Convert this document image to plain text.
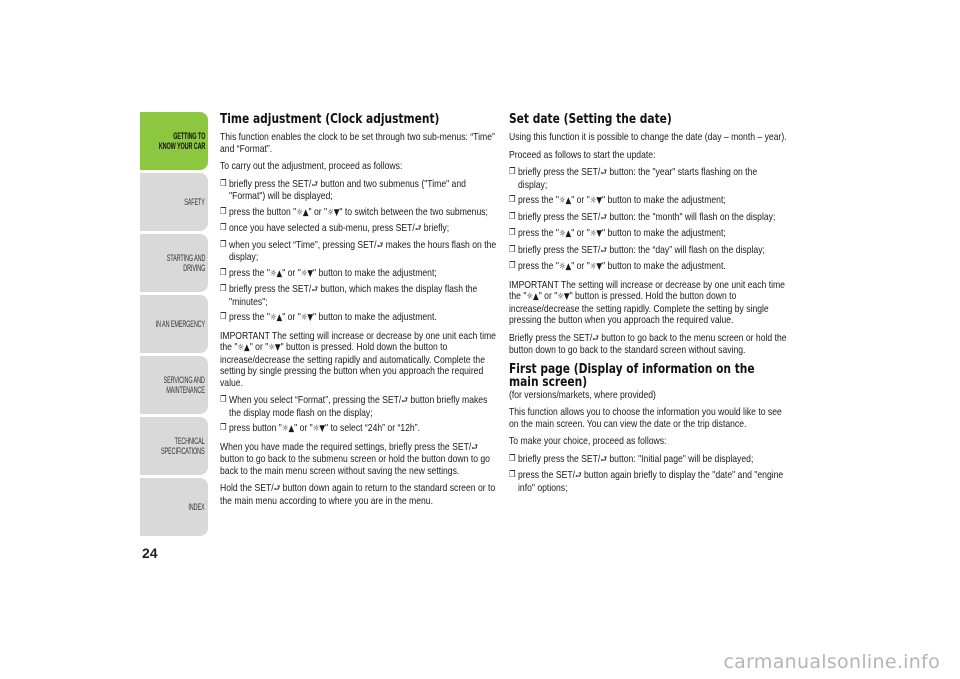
GETTING TO
KNOW YOUR CAR
SAFETY
STARTING AND
DRIVING
IN AN EMERGENCY
SERVICING AND
MAINTENANCE
TECHNICAL
SPECIFICATIONS
INDEX
24
Time adjustment (Clock adjustment)

This function enables the clock to be set through two sub-menus: “Time” and “Format”.

To carry out the adjustment, proceed as follows:

❐ briefly press the SET/⮐ button and two submenus ("Time" and "Format") will be displayed;
❐ press the button "☼▲" or "☼▼" to switch between the two submenus;
❐ once you have selected a sub-menu, press SET/⮐ briefly;
❐ when you select “Time”, pressing SET/⮐ makes the hours flash on the display;
❐ press the "☼▲" or "☼▼" button to make the adjustment;
❐ briefly press the SET/⮐ button, which makes the display flash the "minutes";
❐ press the "☼▲" or "☼▼" button to make the adjustment.

IMPORTANT The setting will increase or decrease by one unit each time the "☼▲" or "☼▼" button is pressed. Hold down the button to increase/decrease the setting rapidly and automatically. Complete the setting by single pressing the button when you approach the required value.

❐ When you select “Format”, pressing the SET/⮐ button briefly makes the display mode flash on the display;
❐ press button "☼▲" or "☼▼" to select “24h” or “12h”.

When you have made the required settings, briefly press the SET/⮐ button to go back to the submenu screen or hold the button down to go back to the main menu screen without saving the new settings.

Hold the SET/⮐ button down again to return to the standard screen or to the main menu according to where you are in the menu.

Set date (Setting the date)

Using this function it is possible to change the date (day – month – year).

Proceed as follows to start the update:

❐ briefly press the SET/⮐ button: the "year" starts flashing on the display;
❐ press the "☼▲" or "☼▼" button to make the adjustment;
❐ briefly press the SET/⮐ button: the "month" will flash on the display;
❐ press the "☼▲" or "☼▼" button to make the adjustment;
❐ briefly press the SET/⮐ button: the “day” will flash on the display;
❐ press the "☼▲" or "☼▼" button to make the adjustment.

IMPORTANT The setting will increase or decrease by one unit each time the "☼▲" or "☼▼" button is pressed. Hold the button down to increase/decrease the setting rapidly. Complete the setting by single pressing the button when you approach the required value.

Briefly press the SET/⮐ button to go back to the menu screen or hold the button down to go back to the standard screen without saving.

First page (Display of information on the main screen)

(for versions/markets, where provided)

This function allows you to choose the information you would like to see on the main screen. You can view the date or the trip distance.

To make your choice, proceed as follows:

❐ briefly press the SET/⮐ button: "Initial page" will be displayed;
❐ press the SET/⮐ button again briefly to display the "date" and "engine info" options;
carmanualsonline.info
